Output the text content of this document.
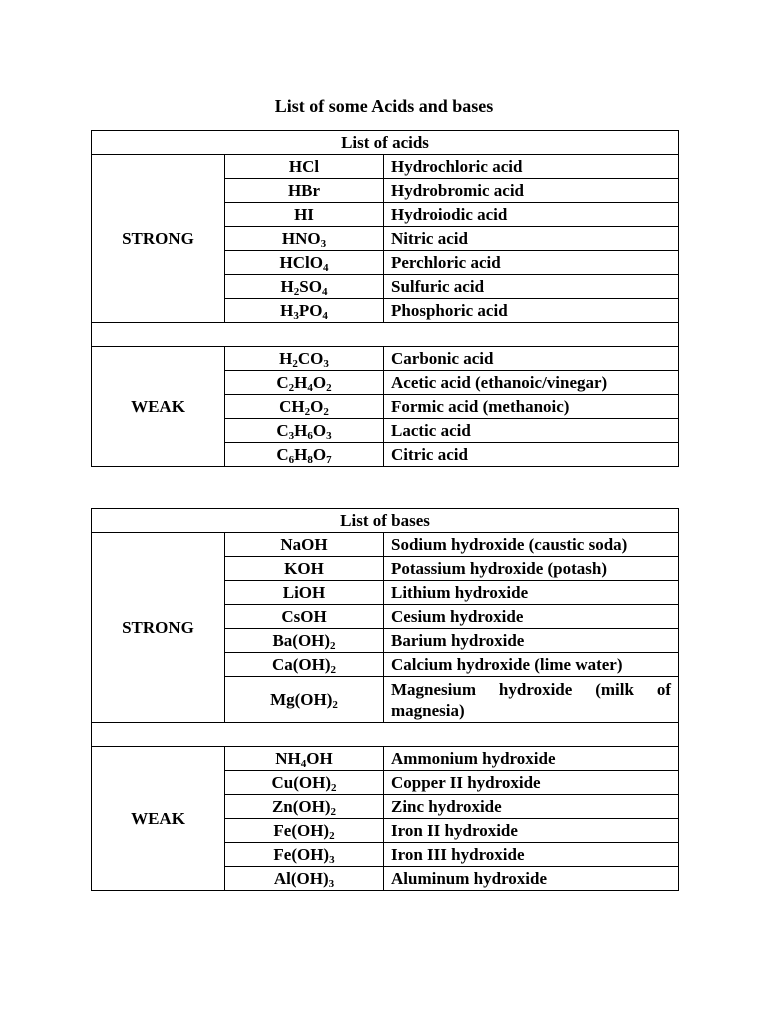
List of some Acids and bases
List of acids		
STRONG	HCl	Hydrochloric acid
	HBr	Hydrobromic acid
	HI	Hydroiodic acid
	$HNO_3$	Nitric acid
	HClO$_4$	Perchloric acid
	$H_2SO_4$	Sulfuric acid
	$H_3PO_4$	Phosphoric acid

WEAK	$H_2CO_3$	Carbonic acid
	$C_2H_4O_2$	Acetic acid (ethanoic/vinegar)
	$CH_2O_2$	Formic acid (methanoic)
	$C_3H_6O_3$	Lactic acid
	$C_6H_8O_7$	Citric acid
List of bases		
STRONG	NaOH	Sodium hydroxide (caustic soda)
	KOH	Potassium hydroxide (potash)
	LiOH	Lithium hydroxide
	CsOH	Cesium hydroxide
	$Ba(OH)_2$	Barium hydroxide
	$Ca(OH)_2$	Calcium hydroxide (lime water)
	$Mg(OH)_2$	Magnesium hydroxide (milk of magnesia)

WEAK	$NH_4OH$	Ammonium hydroxide
	$Cu(OH)_2$	Copper II hydroxide
	$Zn(OH)_2$	Zinc hydroxide
	$Fe(OH)_2$	Iron II hydroxide
	$Fe(OH)_3$	Iron III hydroxide
	$Al(OH)_3$	Aluminum hydroxide
